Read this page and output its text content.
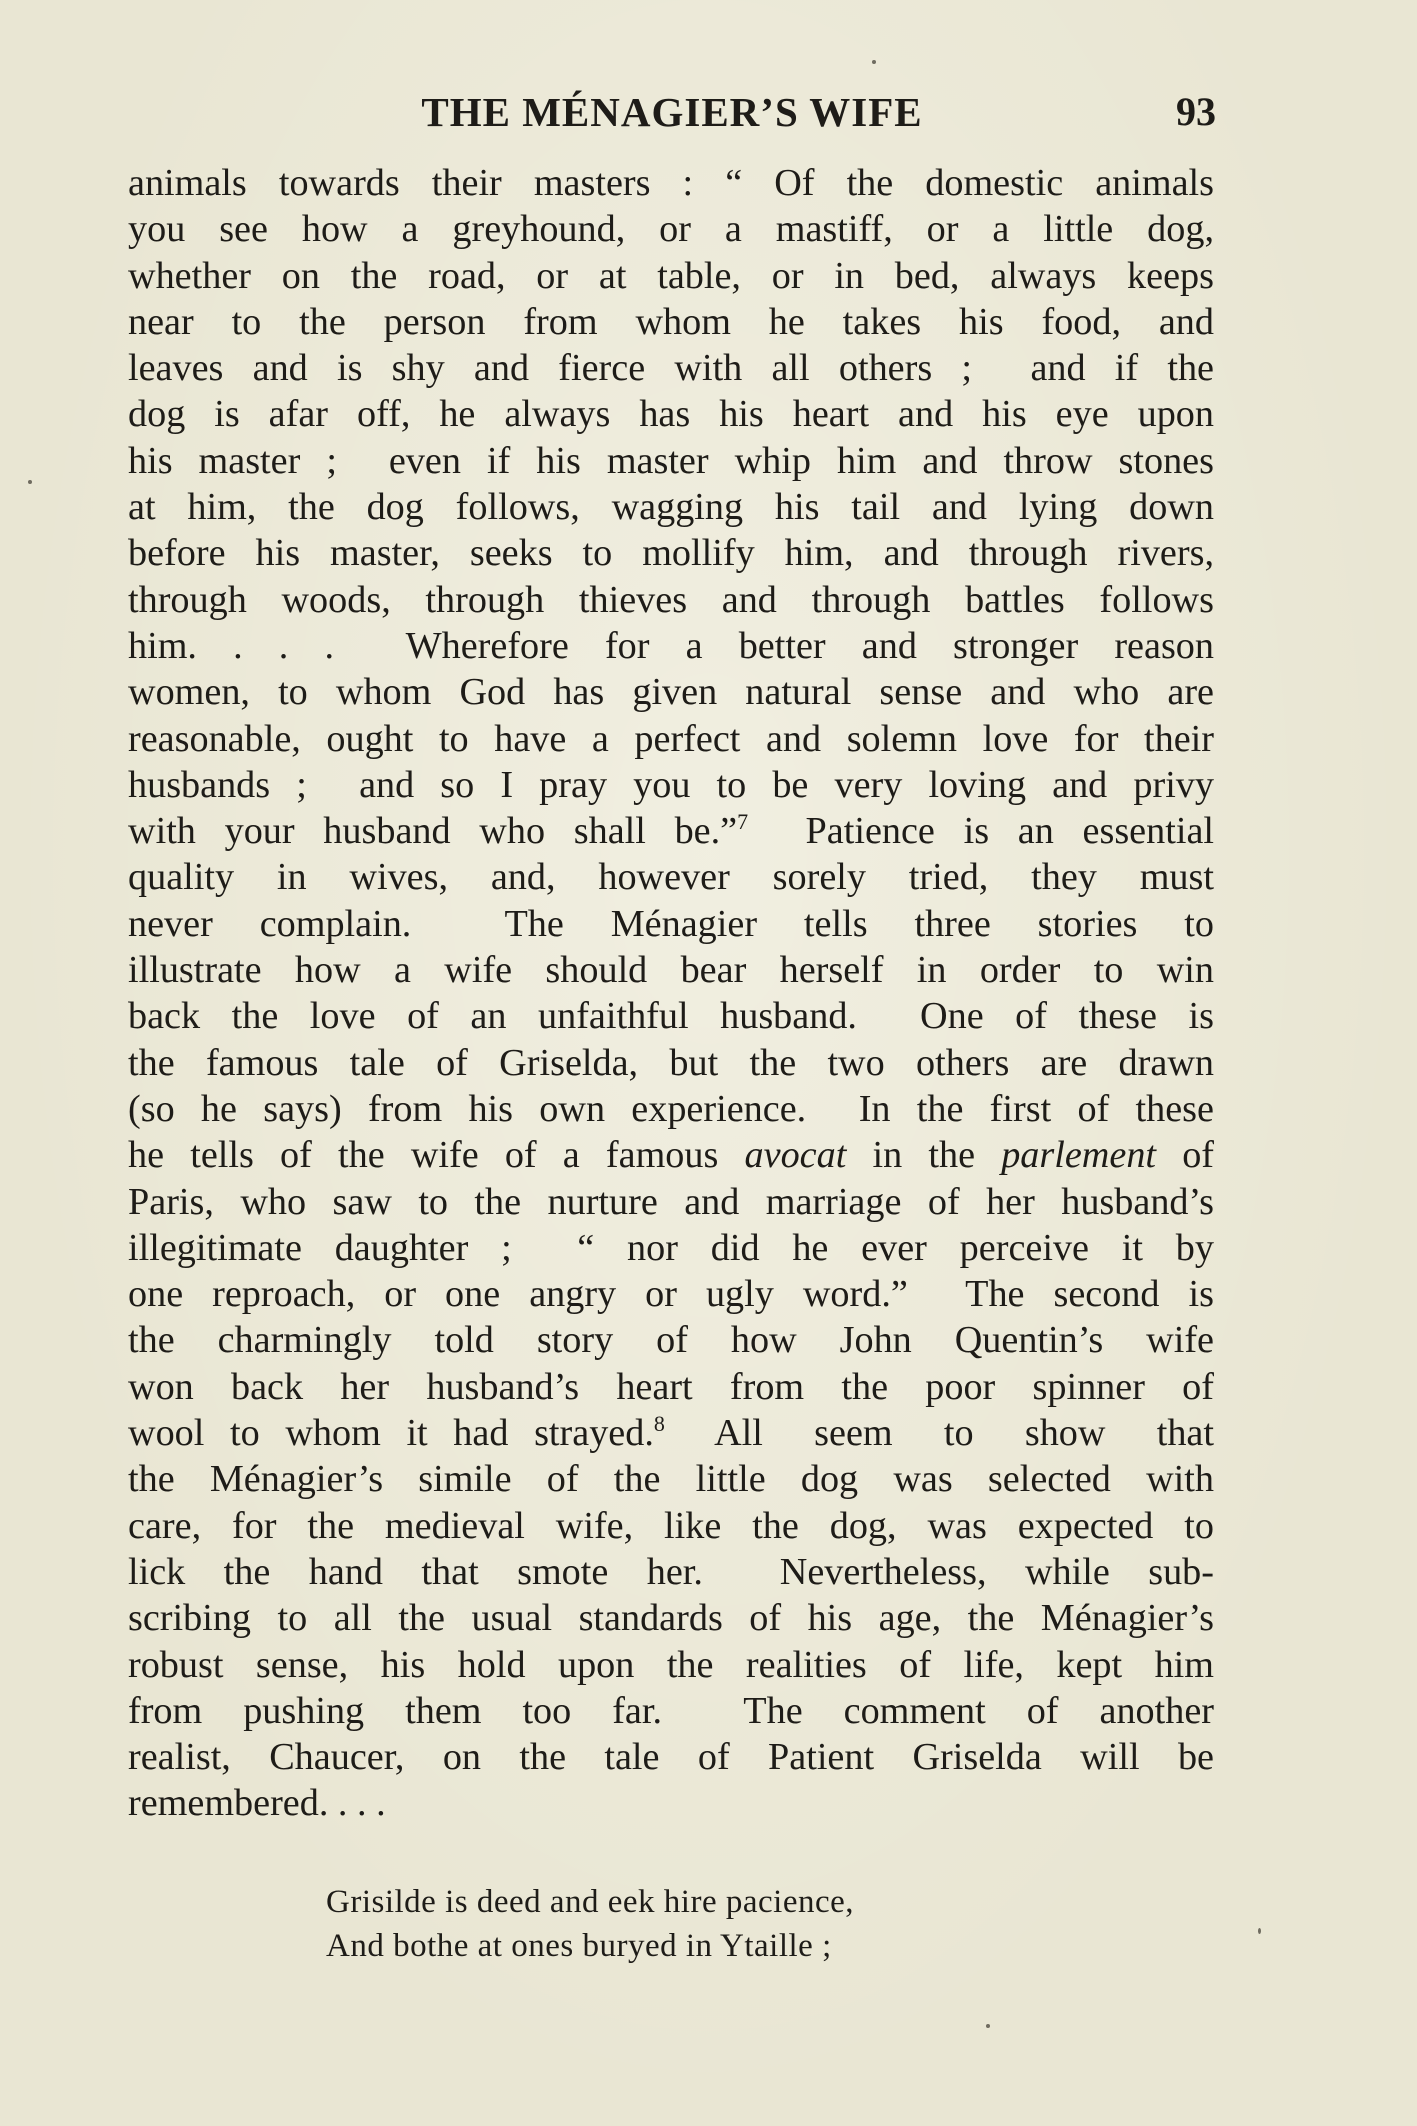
THE MÉNAGIER’S WIFE	93
animals towards their masters : “ Of the domestic animals
you see how a greyhound, or a mastiff, or a little dog,
whether on the road, or at table, or in bed, always keeps
near to the person from whom he takes his food, and
leaves and is shy and fierce with all others ;  and if the
dog is afar off, he always has his heart and his eye upon
his master ;  even if his master whip him and throw stones
at him, the dog follows, wagging his tail and lying down
before his master, seeks to mollify him, and through rivers,
through woods, through thieves and through battles follows
him. . . .  Wherefore for a better and stronger reason
women, to whom God has given natural sense and who are
reasonable, ought to have a perfect and solemn love for their
husbands ;  and so I pray you to be very loving and privy
with your husband who shall be.”$^7$  Patience is an essential
quality in wives, and, however sorely tried, they must
never complain.  The Ménagier tells three stories to
illustrate how a wife should bear herself in order to win
back the love of an unfaithful husband.  One of these is
the famous tale of Griselda, but the two others are drawn
(so he says) from his own experience.  In the first of these
he tells of the wife of a famous avocat in the parlement of
Paris, who saw to the nurture and marriage of her husband’s
illegitimate daughter ;  “ nor did he ever perceive it by
one reproach, or one angry or ugly word.”  The second is
the charmingly told story of how John Quentin’s wife
won back her husband’s heart from the poor spinner of
wool to whom it had strayed.$^8$  All  seem  to  show  that
the Ménagier’s simile of the little dog was selected with
care, for the medieval wife, like the dog, was expected to
lick the hand that smote her.  Nevertheless, while sub-
scribing to all the usual standards of his age, the Ménagier’s
robust sense, his hold upon the realities of life, kept him
from pushing them too far.  The comment of another
realist, Chaucer, on the tale of Patient Griselda will be
remembered. . . .
Grisilde is deed and eek hire pacience,
And bothe at ones buryed in Ytaille ;
